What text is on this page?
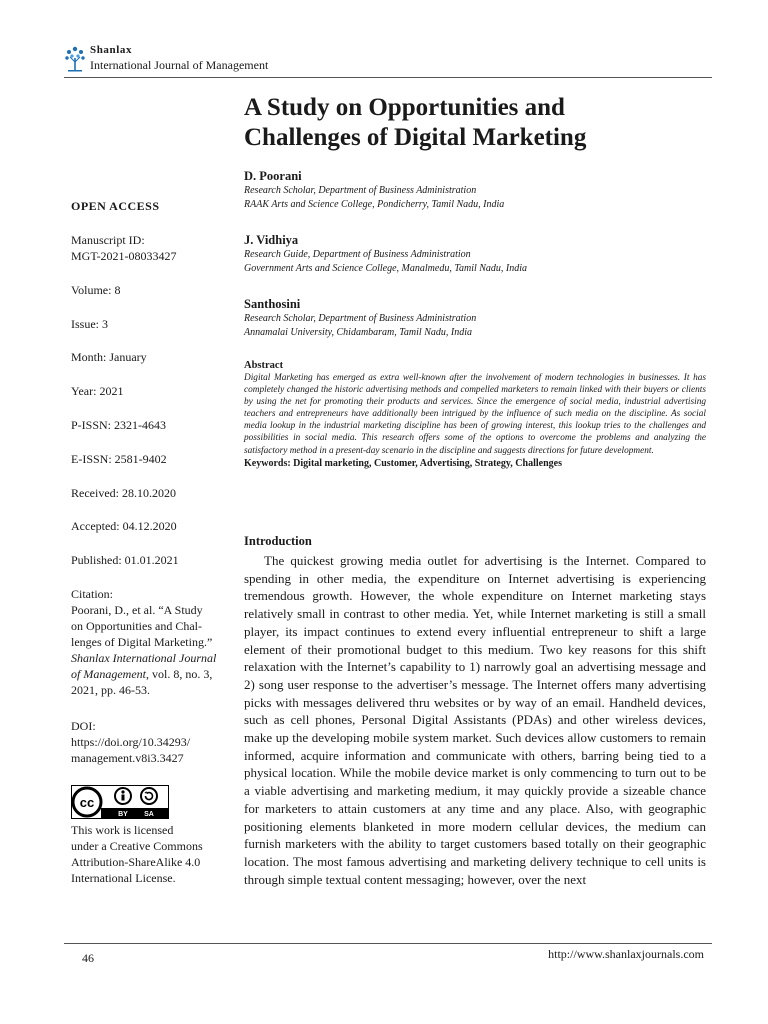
Shanlax
International Journal of Management
A Study on Opportunities and
Challenges of Digital Marketing
D. Poorani
Research Scholar, Department of Business Administration
RAAK Arts and Science College, Pondicherry, Tamil Nadu, India
J. Vidhiya
Research Guide, Department of Business Administration
Government Arts and Science College, Manalmedu, Tamil Nadu, India
Santhosini
Research Scholar, Department of Business Administration
Annamalai University, Chidambaram, Tamil Nadu, India
OPEN ACCESS
Manuscript ID:
MGT-2021-08033427
Volume: 8
Issue: 3
Month: January
Year: 2021
P-ISSN: 2321-4643
E-ISSN: 2581-9402
Received: 28.10.2020
Accepted: 04.12.2020
Published: 01.01.2021
Citation:
Poorani, D., et al. “A Study
on Opportunities and Chal-
lenges of Digital Marketing.”
Shanlax International Journal
of Management, vol. 8, no. 3,
2021, pp. 46-53.
DOI:
https://doi.org/10.34293/
management.v8i3.3427
cc
BY SA
This work is licensed
under a Creative Commons
Attribution-ShareAlike 4.0
International License.
Abstract

Digital Marketing has emerged as extra well-known after the involvement of modern technologies in businesses. It has completely changed the historic advertising methods and compelled marketers to remain linked with their buyers or clients by using the net for promoting their products and services. Since the emergence of social media, industrial advertising teachers and entrepreneurs have additionally been intrigued by the influence of such media on the discipline. As social media lookup in the industrial marketing discipline has been of growing interest, this lookup tries to the challenges and possibilities in social media. This research offers some of the options to overcome the problems and analyzing the satisfactory method in a present-day scenario in the discipline and suggests directions for future development.

Keywords: Digital marketing, Customer, Advertising, Strategy, Challenges
Introduction

The quickest growing media outlet for advertising is the Internet. Compared to spending in other media, the expenditure on Internet advertising is experiencing tremendous growth. However, the whole expenditure on Internet marketing stays relatively small in contrast to other media. Yet, while Internet marketing is still a small player, its impact continues to extend every influential entrepreneur to shift a large element of their promotional budget to this medium. Two key reasons for this shift relaxation with the Internet’s capability to 1) narrowly goal an advertising message and 2) song user response to the advertiser’s message. The Internet offers many advertising picks with messages delivered thru websites or by way of an email. Handheld devices, such as cell phones, Personal Digital Assistants (PDAs) and other wireless devices, make up the developing mobile system market. Such devices allow customers to remain informed, acquire information and communicate with others, barring being tied to a physical location. While the mobile device market is only commencing to turn out to be a viable advertising and marketing medium, it may quickly provide a sizeable chance for marketers to attain customers at any time and any place. Also, with geographic positioning elements blanketed in more modern cellular devices, the medium can furnish marketers with the ability to target customers based totally on their geographic location. The most famous advertising and marketing delivery technique to cell units is through simple textual content messaging; however, over the next

46	http://www.shanlaxjournals.com
